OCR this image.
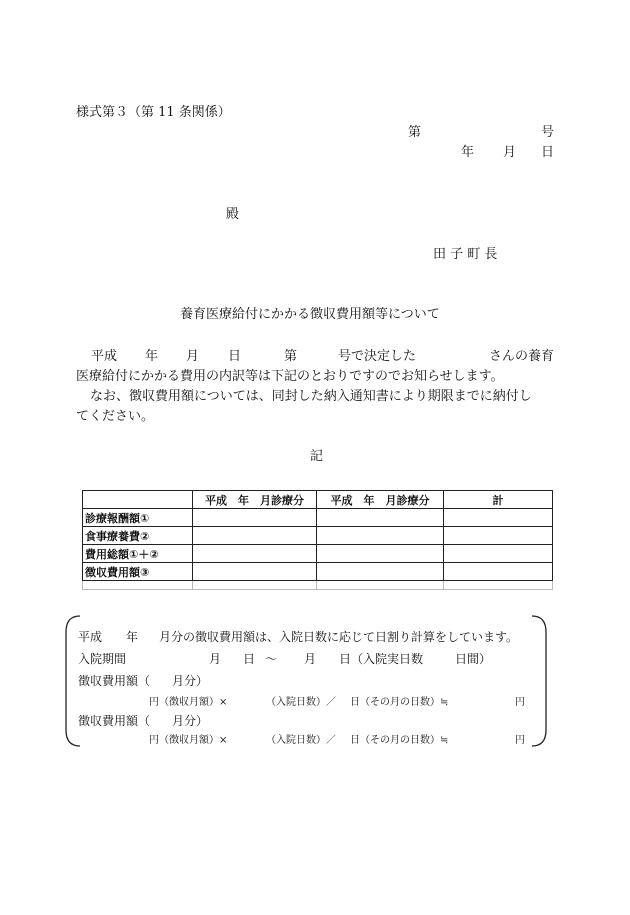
様式第３（第 11 条関係）
第	号
年 月 日
殿
田 子 町 長
養育医療給付にかかる徴収費用額等について
平成 年 月 日	第	号で決定した	さんの養育
医療給付にかかる費用の内訳等は下記のとおりですのでお知らせします。
なお、徴収費用額については、同封した納入通知書により期限までに納付し
てください。
記
	平成　年　月診療分	平成　年　月診療分	計
診療報酬額①			
食事療養費②			
費用総額①＋②			
徴収費用額③			

平成 年 月分の徴収費用額は、入院日数に応じて日割り計算をしています。
入院期間	月 日 〜 月 日（入院実日数	日間）
徴収費用額（ 月分）
円（徴収月額）×	（入院日数）／ 日（その月の日数）≒	円
徴収費用額（ 月分）
円（徴収月額）×	（入院日数）／ 日（その月の日数）≒	円
